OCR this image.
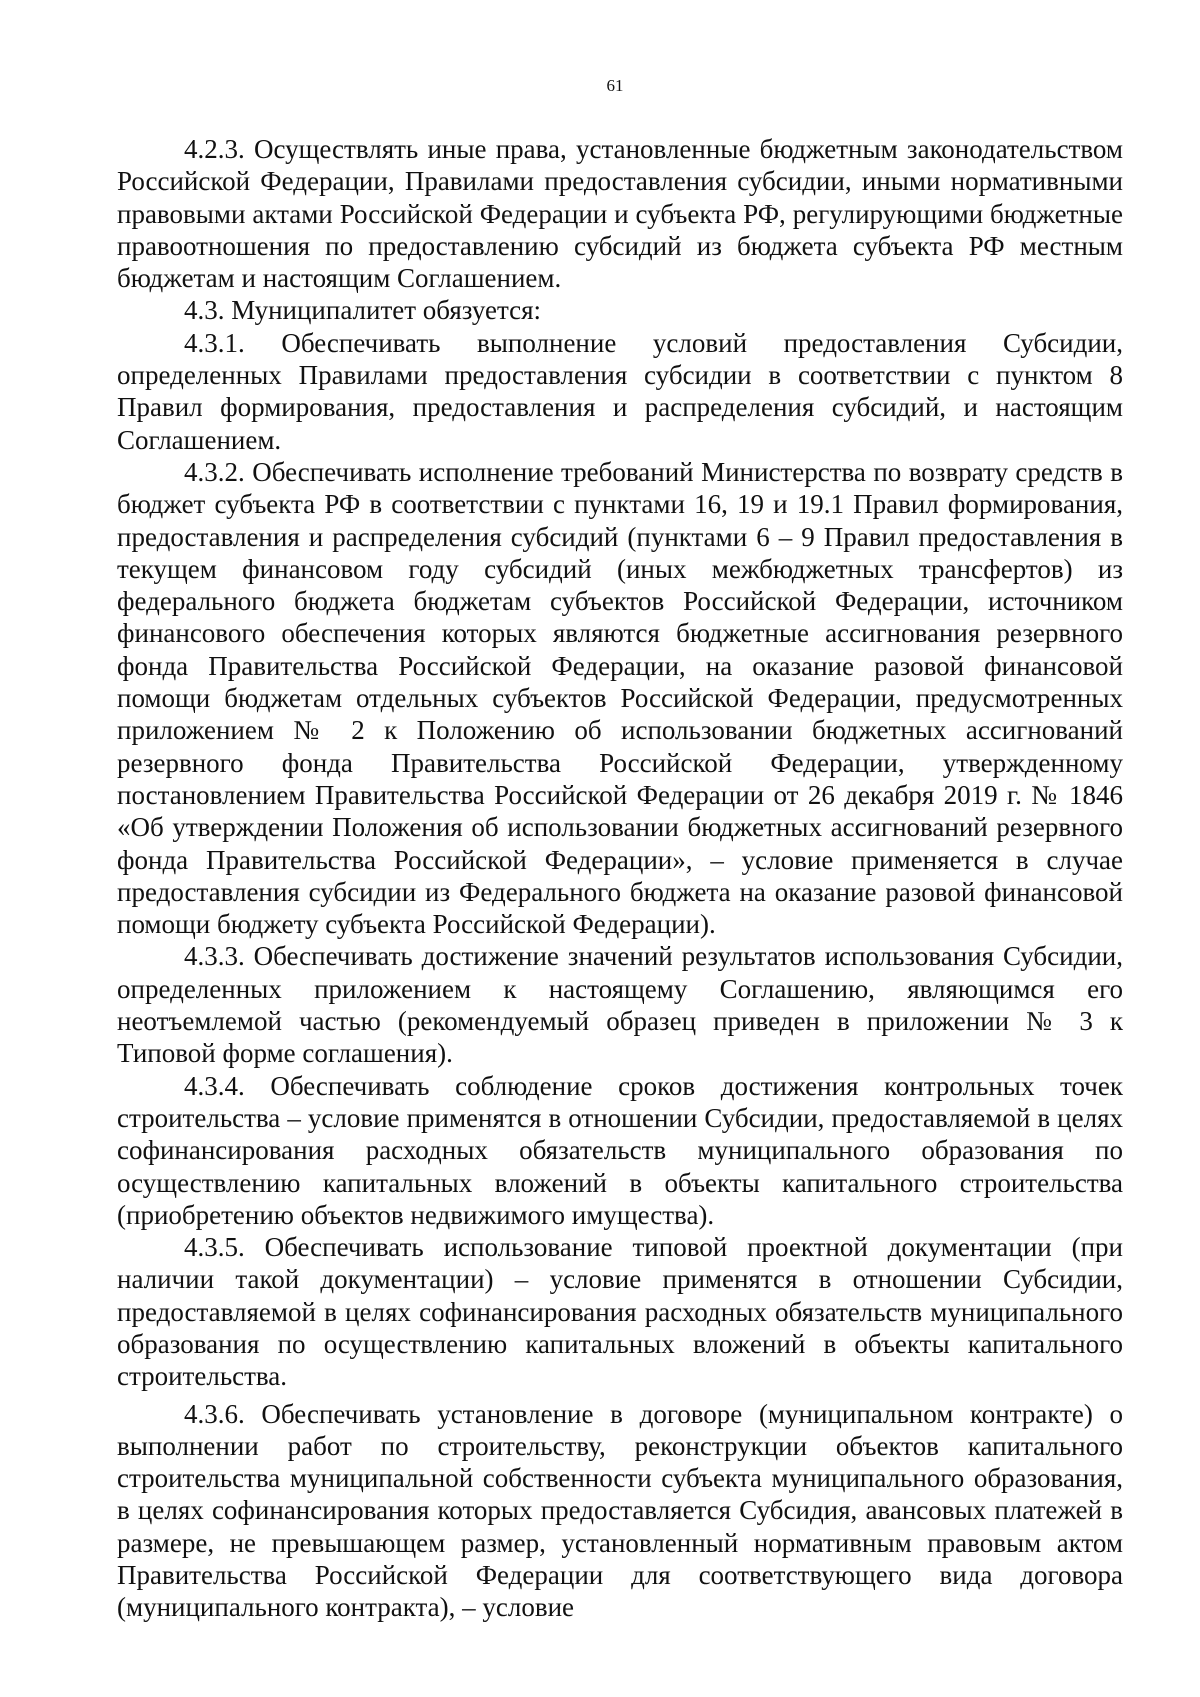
61

4.2.3. Осуществлять иные права, установленные бюджетным законодательством Российской Федерации, Правилами предоставления субсидии, иными нормативными правовыми актами Российской Федерации и субъекта РФ, регулирующими бюджетные правоотношения по предоставлению субсидий из бюджета субъекта РФ местным бюджетам и настоящим Соглашением.

4.3. Муниципалитет обязуется:

4.3.1. Обеспечивать выполнение условий предоставления Субсидии, определенных Правилами предоставления субсидии в соответствии с пунктом 8 Правил формирования, предоставления и распределения субсидий, и настоящим Соглашением.

4.3.2. Обеспечивать исполнение требований Министерства по возврату средств в бюджет субъекта РФ в соответствии с пунктами 16, 19 и 19.1 Правил формирования, предоставления и распределения субсидий (пунктами 6 – 9 Правил предоставления в текущем финансовом году субсидий (иных межбюджетных трансфертов) из федерального бюджета бюджетам субъектов Российской Федерации, источником финансового обеспечения которых являются бюджетные ассигнования резервного фонда Правительства Российской Федерации, на оказание разовой финансовой помощи бюджетам отдельных субъектов Российской Федерации, предусмотренных приложением № 2 к Положению об использовании бюджетных ассигнований резервного фонда Правительства Российской Федерации, утвержденному постановлением Правительства Российской Федерации от 26 декабря 2019 г. № 1846 «Об утверждении Положения об использовании бюджетных ассигнований резервного фонда Правительства Российской Федерации», – условие применяется в случае предоставления субсидии из Федерального бюджета на оказание разовой финансовой помощи бюджету субъекта Российской Федерации).

4.3.3. Обеспечивать достижение значений результатов использования Субсидии, определенных приложением к настоящему Соглашению, являющимся его неотъемлемой частью (рекомендуемый образец приведен в приложении № 3 к Типовой форме соглашения).

4.3.4. Обеспечивать соблюдение сроков достижения контрольных точек строительства – условие применятся в отношении Субсидии, предоставляемой в целях софинансирования расходных обязательств муниципального образования по осуществлению капитальных вложений в объекты капитального строительства (приобретению объектов недвижимого имущества).

4.3.5. Обеспечивать использование типовой проектной документации (при наличии такой документации) – условие применятся в отношении Субсидии, предоставляемой в целях софинансирования расходных обязательств муниципального образования по осуществлению капитальных вложений в объекты капитального строительства.

4.3.6. Обеспечивать установление в договоре (муниципальном контракте) о выполнении работ по строительству, реконструкции объектов капитального строительства муниципальной собственности субъекта муниципального образования, в целях софинансирования которых предоставляется Субсидия, авансовых платежей в размере, не превышающем размер, установленный нормативным правовым актом Правительства Российской Федерации для соответствующего вида договора (муниципального контракта), – условие
